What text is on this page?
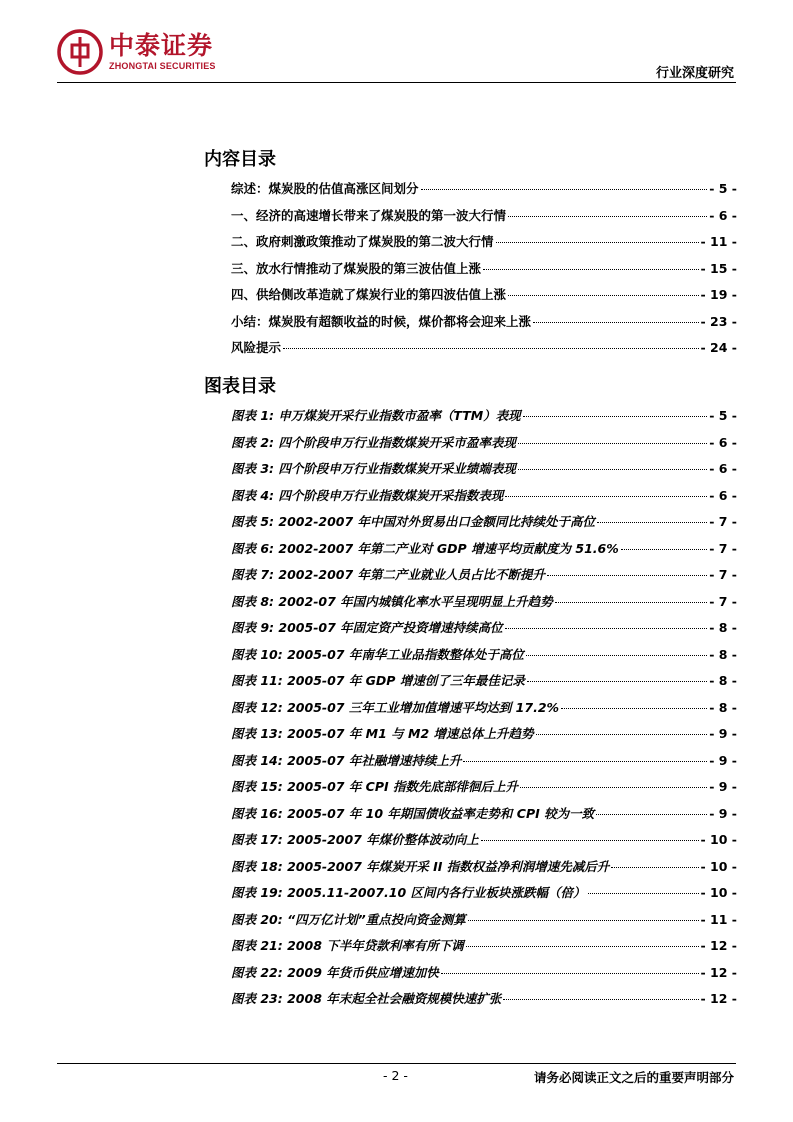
中泰证券
ZHONGTAI SECURITIES	行业深度研究
内容目录
综述：煤炭股的估值高涨区间划分	- 5 -
一、经济的高速增长带来了煤炭股的第一波大行情	- 6 -
二、政府刺激政策推动了煤炭股的第二波大行情	- 11 -
三、放水行情推动了煤炭股的第三波估值上涨	- 15 -
四、供给侧改革造就了煤炭行业的第四波估值上涨	- 19 -
小结：煤炭股有超额收益的时候，煤价都将会迎来上涨	- 23 -
风险提示	- 24 -
图表目录
图表 1: 申万煤炭开采行业指数市盈率（TTM）表现	- 5 -
图表 2: 四个阶段申万行业指数煤炭开采市盈率表现	- 6 -
图表 3: 四个阶段申万行业指数煤炭开采业绩端表现	- 6 -
图表 4: 四个阶段申万行业指数煤炭开采指数表现	- 6 -
图表 5: 2002-2007 年中国对外贸易出口金额同比持续处于高位	- 7 -
图表 6: 2002-2007 年第二产业对 GDP 增速平均贡献度为 51.6%	- 7 -
图表 7: 2002-2007 年第二产业就业人员占比不断提升	- 7 -
图表 8: 2002-07 年国内城镇化率水平呈现明显上升趋势	- 7 -
图表 9: 2005-07 年固定资产投资增速持续高位	- 8 -
图表 10: 2005-07 年南华工业品指数整体处于高位	- 8 -
图表 11: 2005-07 年 GDP 增速创了三年最佳记录	- 8 -
图表 12: 2005-07 三年工业增加值增速平均达到 17.2%	- 8 -
图表 13: 2005-07 年 M1 与 M2 增速总体上升趋势	- 9 -
图表 14: 2005-07 年社融增速持续上升	- 9 -
图表 15: 2005-07 年 CPI 指数先底部徘徊后上升	- 9 -
图表 16: 2005-07 年 10 年期国债收益率走势和 CPI 较为一致	- 9 -
图表 17: 2005-2007 年煤价整体波动向上	- 10 -
图表 18: 2005-2007 年煤炭开采 II 指数权益净利润增速先减后升	- 10 -
图表 19: 2005.11-2007.10 区间内各行业板块涨跌幅（倍）	- 10 -
图表 20: “四万亿计划”重点投向资金测算	- 11 -
图表 21: 2008 下半年贷款利率有所下调	- 12 -
图表 22: 2009 年货币供应增速加快	- 12 -
图表 23: 2008 年末起全社会融资规模快速扩张	- 12 -
- 2 -	请务必阅读正文之后的重要声明部分
